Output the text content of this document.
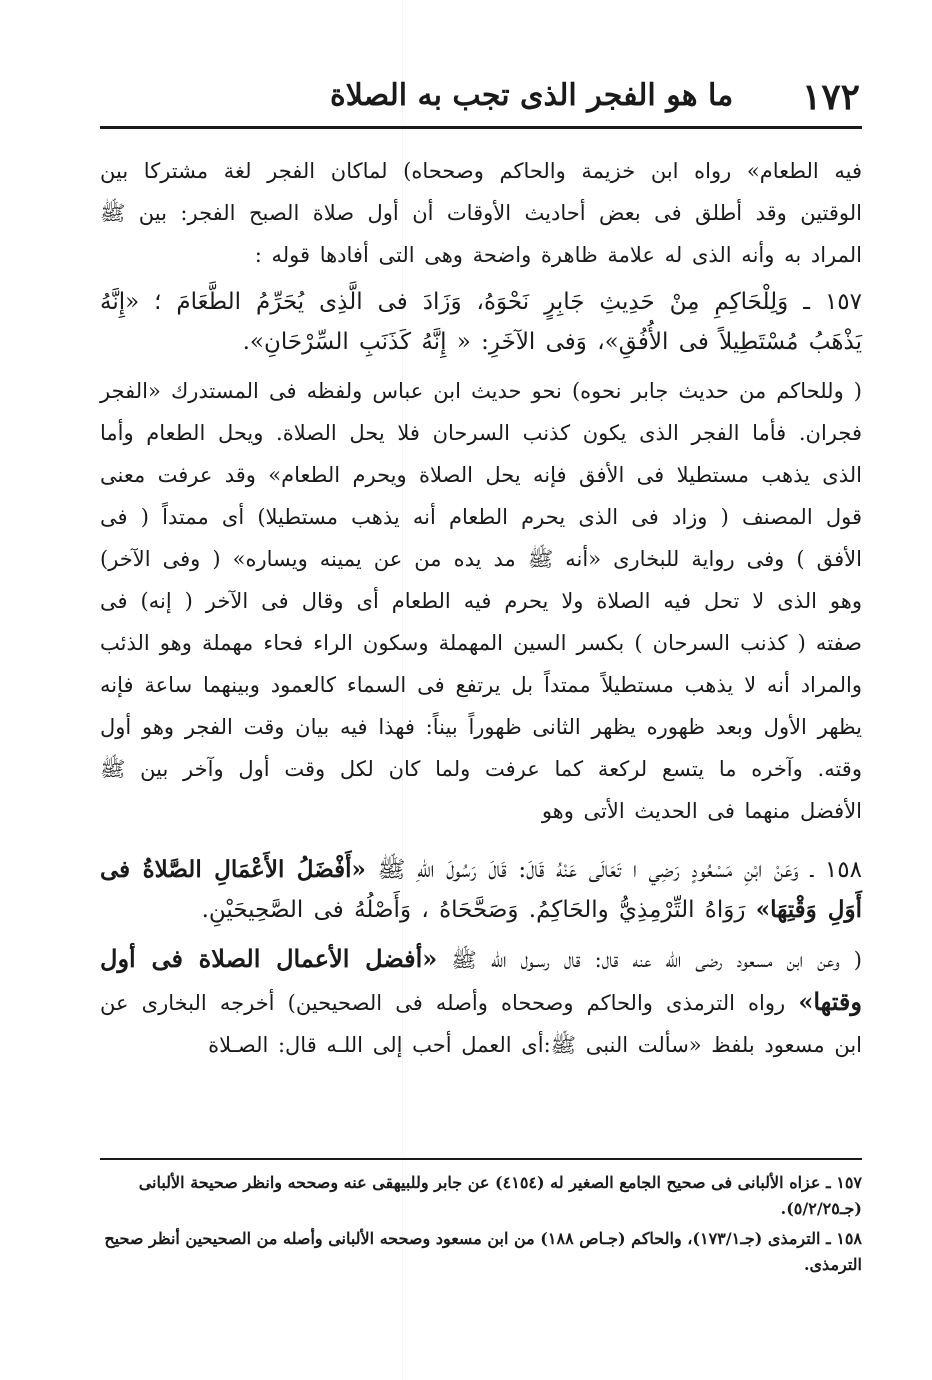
١٧٢
ما هو الفجر الذى تجب به الصلاة

فيه الطعام» رواه ابن خزيمة والحاكم وصححاه) لماكان الفجر لغة مشتركا بين الوقتين وقد أطلق فى بعض أحاديث الأوقات أن أول صلاة الصبح الفجر: بين ﷺ المراد به وأنه الذى له علامة ظاهرة واضحة وهى التى أفادها قوله :

١٥٧ ـ وَلِلْحَاكِمِ مِنْ حَدِيثِ جَابِرٍ نَحْوَهُ، وَزَادَ فى الَّذِى يُحَرِّمُ الطَّعَامَ ؛ «إِنَّهُ يَذْهَبُ مُسْتَطِيلاً فى الأُفُقِ»، وَفى الآخَرِ: « إِنَّهُ كَذَنَبِ السِّرْحَانِ».

( وللحاكم من حديث جابر نحوه) نحو حديث ابن عباس ولفظه فى المستدرك «الفجر فجران. فأما الفجر الذى يكون كذنب السرحان فلا يحل الصلاة. ويحل الطعام وأما الذى يذهب مستطيلا فى الأفق فإنه يحل الصلاة ويحرم الطعام» وقد عرفت معنى قول المصنف ( وزاد فى الذى يحرم الطعام أنه يذهب مستطيلا) أى ممتداً ( فى الأفق ) وفى رواية للبخارى «أنه ﷺ مد يده من عن يمينه ويساره» ( وفى الآخر) وهو الذى لا تحل فيه الصلاة ولا يحرم فيه الطعام أى وقال فى الآخر ( إنه) فى صفته ( كذنب السرحان ) بكسر السين المهملة وسكون الراء فحاء مهملة وهو الذئب والمراد أنه لا يذهب مستطيلاً ممتداً بل يرتفع فى السماء كالعمود وبينهما ساعة فإنه يظهر الأول وبعد ظهوره يظهر الثانى ظهوراً بيناً: فهذا فيه بيان وقت الفجر وهو أول وقته. وآخره ما يتسع لركعة كما عرفت ولما كان لكل وقت أول وآخر بين ﷺ الأفضل منهما فى الحديث الأتى وهو

١٥٨ ـ وَعَنْ ابْنِ مَسْعُودٍ رَضِي ا تَعَالَى عَنْهُ قَالَ: قَالَ رَسُولَ اللهِ ﷺ «أَفْضَلُ الأَعْمَالِ الصَّلاةُ فى أَوَلِ وَقْتِهَا» رَوَاهُ التِّرْمِذِيُّ والحَاكِمُ. وَصَحَّحَاهُ ، وَأَصْلُهُ فى الصَّحِيحَيْنِ.

( وعن ابن مسعود رضى الله عنه قال: قال رسـول الله ﷺ «أفضل الأعمال الصلاة فى أول وقتها» رواه الترمذى والحاكم وصححاه وأصله فى الصحيحين) أخرجه البخارى عن ابن مسعود بلفظ «سألت النبى ﷺ:أى العمل أحب إلى اللـه قال: الصـلاة

١٥٧ ـ عزاه الألبانى فى صحيح الجامع الصغير له (٤١٥٤) عن جابر وللبيهقى عنه وصححه وانظر صحيحة الألبانى (جـ٥/٢/٢٥).

١٥٨ ـ الترمذى (جـ١٧٣/١)، والحاكم (جـاص ١٨٨) من ابن مسعود وصححه الألبانى وأصله من الصحيحين أنظر صحيح الترمذى.
